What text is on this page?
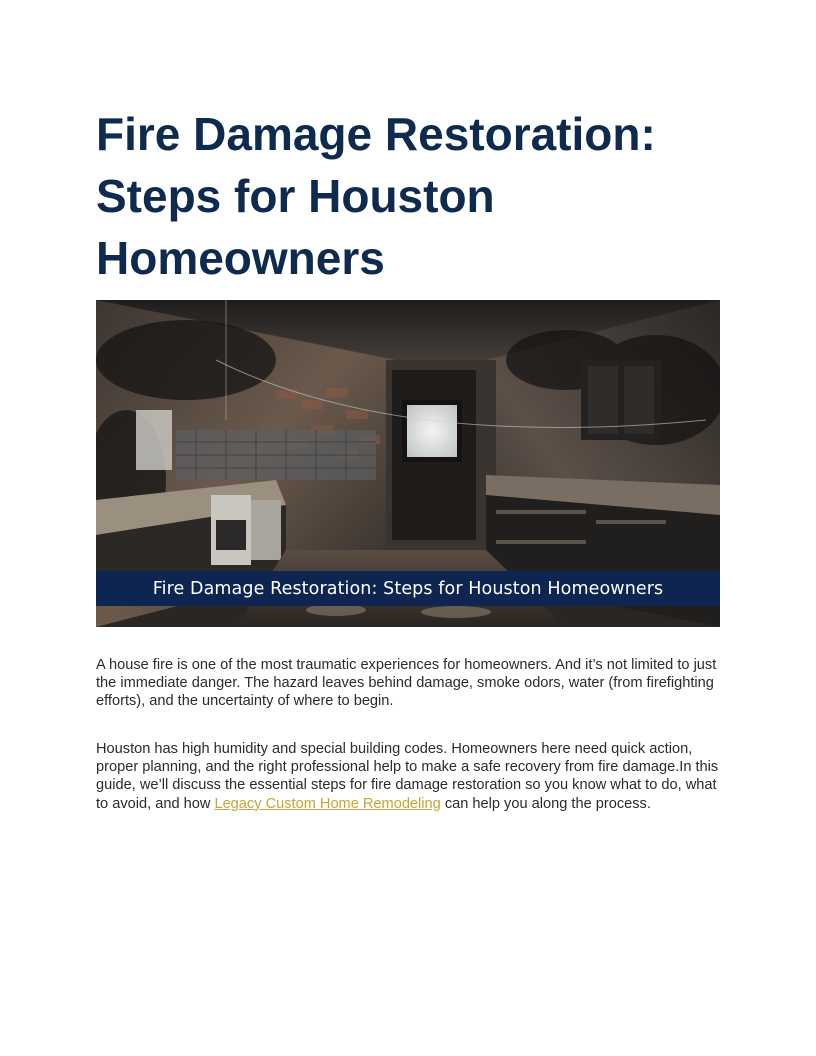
Fire Damage Restoration: Steps for Houston Homeowners
Fire Damage Restoration: Steps for Houston Homeowners

A house fire is one of the most traumatic experiences for homeowners. And it’s not limited to just the immediate danger. The hazard leaves behind damage, smoke odors, water (from firefighting efforts), and the uncertainty of where to begin.

Houston has high humidity and special building codes. Homeowners here need quick action, proper planning, and the right professional help to make a safe recovery from fire damage.In this guide, we’ll discuss the essential steps for fire damage restoration so you know what to do, what to avoid, and how Legacy Custom Home Remodeling can help you along the process.
